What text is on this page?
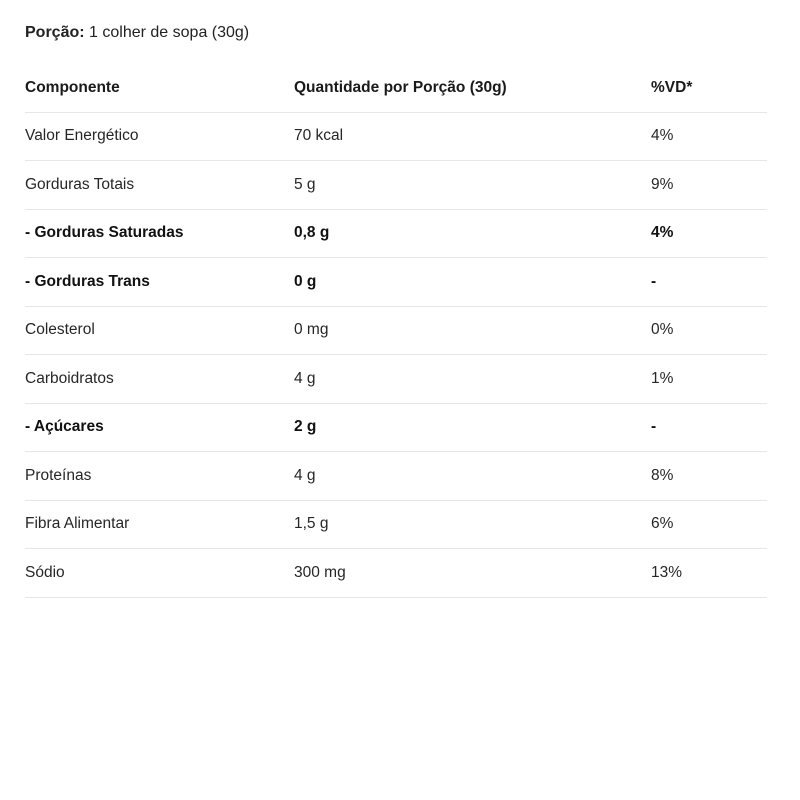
Porção: 1 colher de sopa (30g)
Componente	Quantidade por Porção (30g)	%VD*
Valor Energético	70 kcal	4%
Gorduras Totais	5 g	9%
- Gorduras Saturadas	0,8 g	4%
- Gorduras Trans	0 g	-
Colesterol	0 mg	0%
Carboidratos	4 g	1%
- Açúcares	2 g	-
Proteínas	4 g	8%
Fibra Alimentar	1,5 g	6%
Sódio	300 mg	13%
